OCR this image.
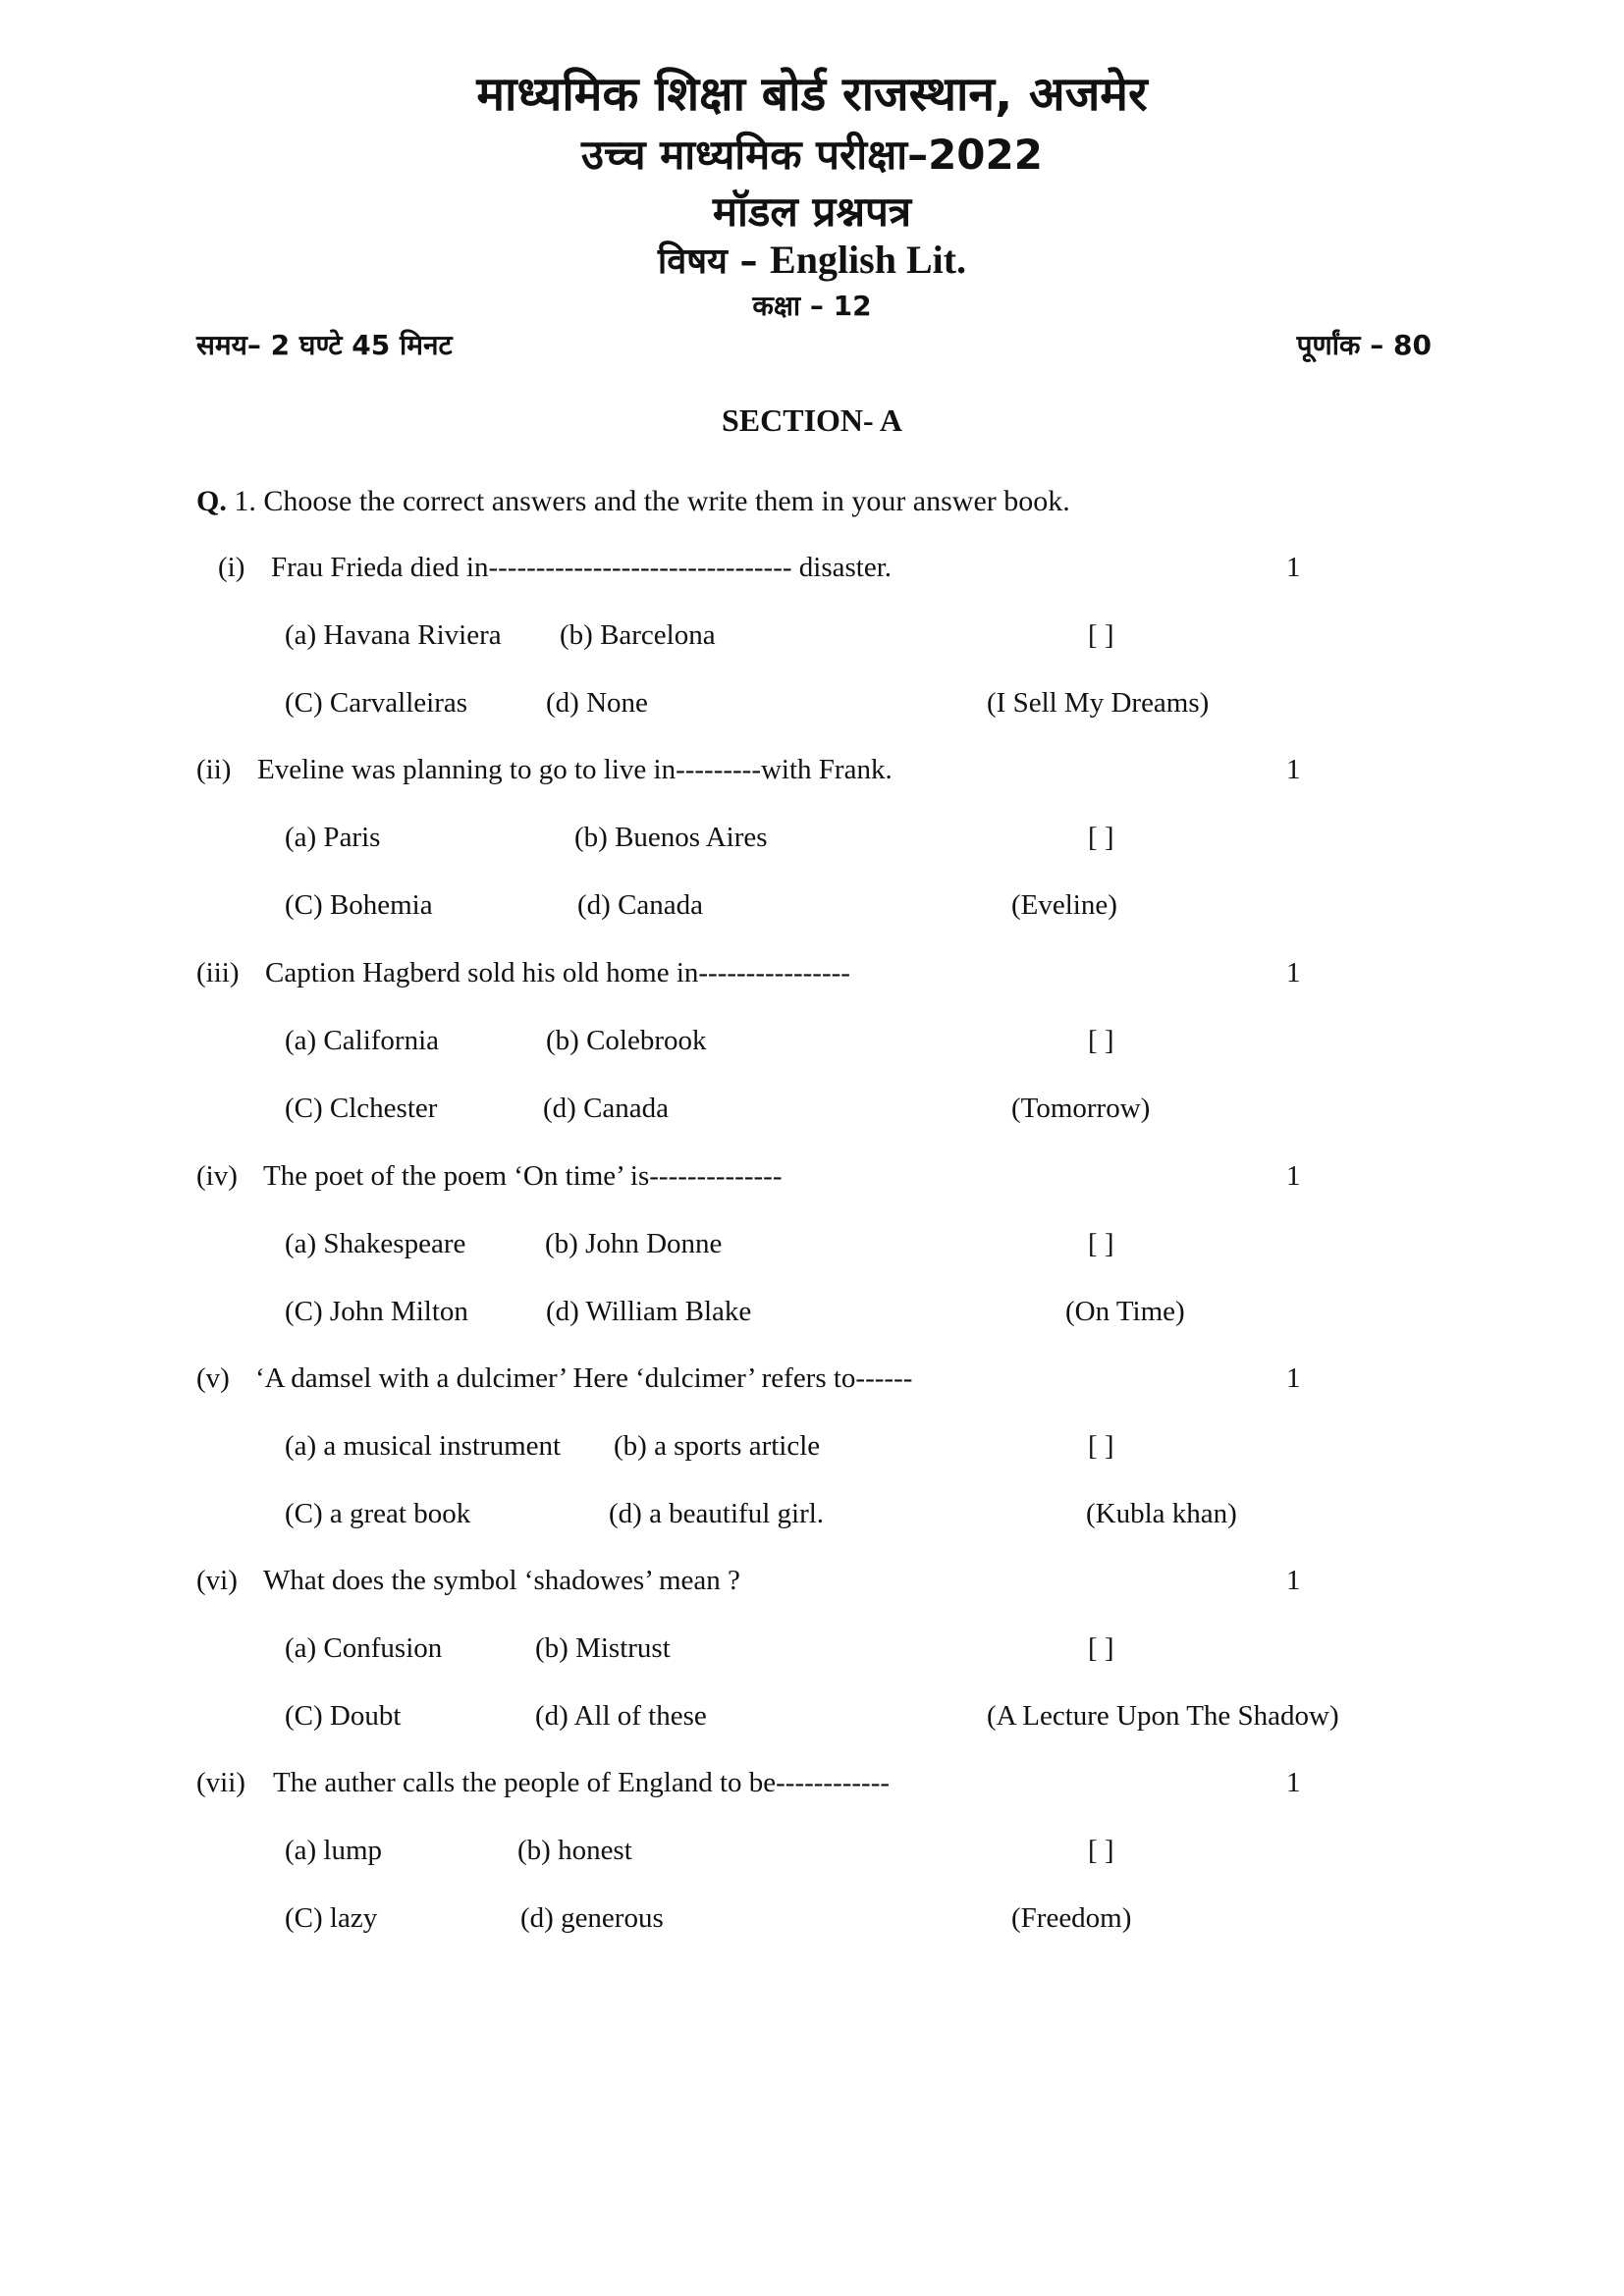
माध्यमिक शिक्षा बोर्ड राजस्थान, अजमेर
उच्च माध्यमिक परीक्षा–2022
मॉडल प्रश्नपत्र
विषय – English Lit.
कक्षा – 12
समय– 2 घण्टे 45 मिनट	पूर्णांक – 80
SECTION- A
Q. 1. Choose the correct answers and the write them in your answer book.
(i) Frau Frieda died in-------------------------------- disaster.	1
(a) Havana Riviera (b) Barcelona	[ ]
(C) Carvalleiras	(d) None	(I Sell My Dreams)
(ii) Eveline was planning to go to live in---------with Frank.	1
(a) Paris	(b) Buenos Aires	[ ]
(C) Bohemia	(d) Canada	(Eveline)
(iii) Caption Hagberd sold his old home in----------------	1
(a) California	(b) Colebrook	[ ]
(C) Clchester	(d) Canada	(Tomorrow)
(iv) The poet of the poem ‘On time’ is--------------	1
(a) Shakespeare	(b) John Donne	[ ]
(C) John Milton	(d) William Blake	(On Time)
(v) ‘A damsel with a dulcimer’ Here ‘dulcimer’ refers to------	1
(a) a musical instrument (b) a sports article	[ ]
(C) a great book	(d) a beautiful girl.	(Kubla khan)
(vi) What does the symbol ‘shadowes’ mean ?	1
(a) Confusion	(b) Mistrust	[ ]
(C) Doubt	(d) All of these	(A Lecture Upon The Shadow)
(vii) The auther calls the people of England to be------------	1
(a) lump	(b) honest	[ ]
(C) lazy	(d) generous	(Freedom)
